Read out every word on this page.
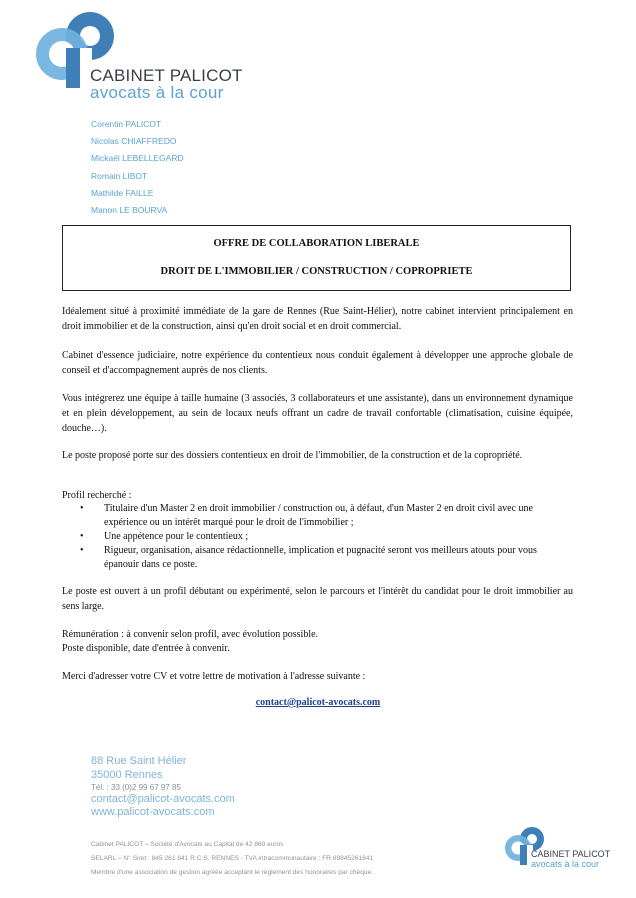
CABINET PALICOT
avocats à la cour
Corentin PALICOT
Nicolas CHIAFFREDO
Mickaël LEBELLEGARD
Romain LIBOT
Mathilde FAILLE
Manon LE BOURVA
OFFRE DE COLLABORATION LIBERALE
DROIT DE L'IMMOBILIER / CONSTRUCTION / COPROPRIETE
Idéalement situé à proximité immédiate de la gare de Rennes (Rue Saint-Hélier), notre cabinet intervient principalement en droit immobilier et de la construction, ainsi qu'en droit social et en droit commercial.
Cabinet d'essence judiciaire, notre expérience du contentieux nous conduit également à développer une approche globale de conseil et d'accompagnement auprès de nos clients.
Vous intégrerez une équipe à taille humaine (3 associés, 3 collaborateurs et une assistante), dans un environnement dynamique et en plein développement, au sein de locaux neufs offrant un cadre de travail confortable (climatisation, cuisine équipée, douche…).
Le poste proposé porte sur des dossiers contentieux en droit de l'immobilier, de la construction et de la copropriété.
Profil recherché :
• Titulaire d'un Master 2 en droit immobilier / construction ou, à défaut, d'un Master 2 en droit civil avec une expérience ou un intérêt marqué pour le droit de l'immobilier ;
• Une appétence pour le contentieux ;
• Rigueur, organisation, aisance rédactionnelle, implication et pugnacité seront vos meilleurs atouts pour vous épanouir dans ce poste.
Le poste est ouvert à un profil débutant ou expérimenté, selon le parcours et l'intérêt du candidat pour le droit immobilier au sens large.
Rémunération : à convenir selon profil, avec évolution possible.
Poste disponible, date d'entrée à convenir.
Merci d'adresser votre CV et votre lettre de motivation à l'adresse suivante :
contact@palicot-avocats.com
88 Rue Saint Hélier
35000 Rennes
Tél. : 33 (0)2 99 67 97 85
contact@palicot-avocats.com
www.palicot-avocats.com
Cabinet PALICOT – Société d'Avocats au Capital de 42 860 euros
SELARL – N° Siret : 845 261 841 R.C.S. RENNES - TVA intracommunautaire : FR 89845261841
Membre d'une association de gestion agréée acceptant le règlement des honoraires par chèque.
CABINET PALICOT
avocats à la cour
